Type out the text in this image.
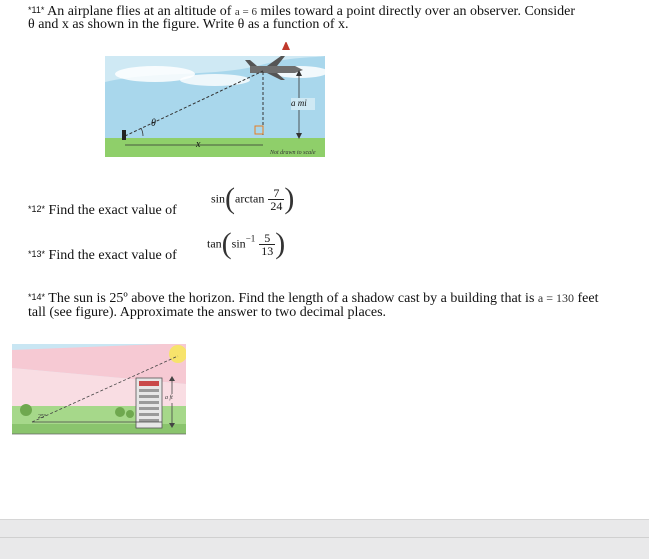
*11* An airplane flies at an altitude of a = 6 miles toward a point directly over an observer. Consider
θ and x as shown in the figure. Write θ as a function of x.
θ
x
a mi
Not drawn to scale
*12* Find the exact value of
$\sin(\arctan \frac{7}{24}$ )
*13* Find the exact value of
$\tan(\sin^{-1} \frac{5}{13}$ )
*14* The sun is 25º above the horizon. Find the length of a shadow cast by a building that is a = 130 feet
tall (see figure). Approximate the answer to two decimal places.
25º
a ft
